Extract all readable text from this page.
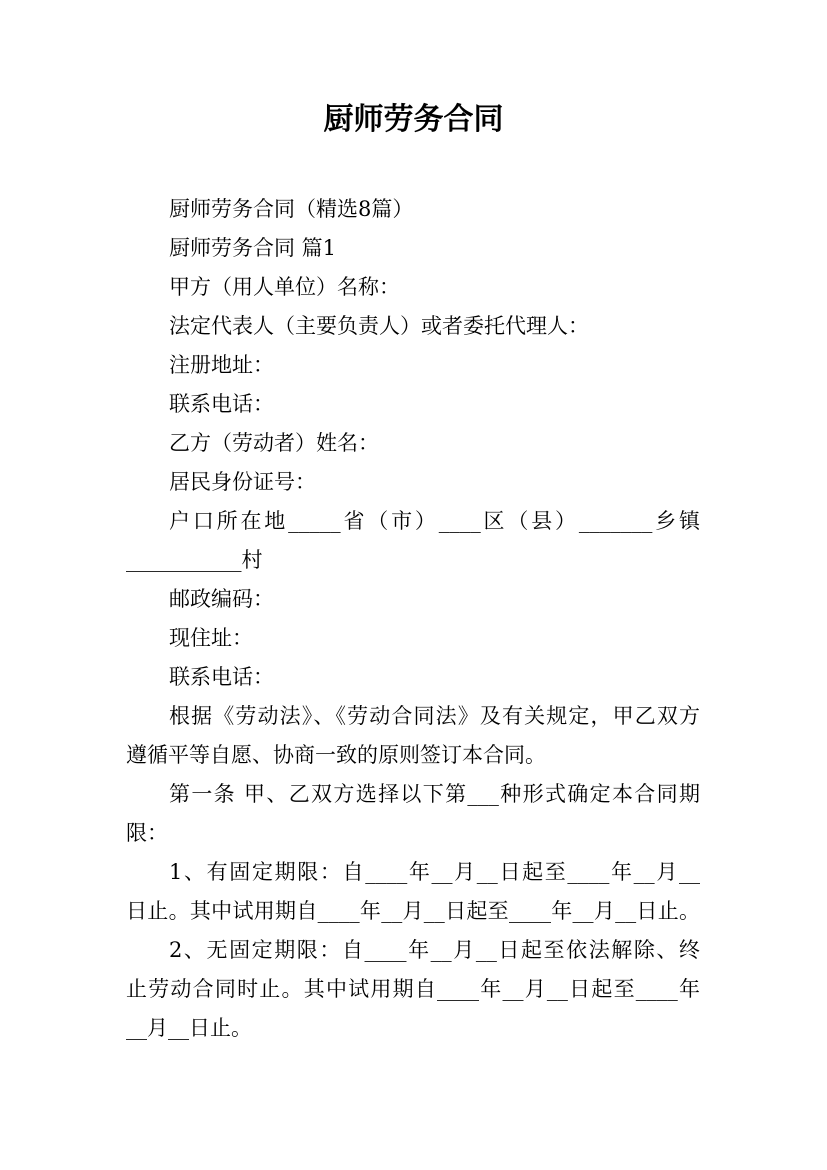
厨师劳务合同
厨师劳务合同（精选8篇）
厨师劳务合同 篇1
甲方（用人单位）名称：
法定代表人（主要负责人）或者委托代理人：
注册地址：
联系电话：
乙方（劳动者）姓名：
居民身份证号：
户口所在地_____省（市）____区（县）_______乡镇
___________村
邮政编码：
现住址：
联系电话：
根据《劳动法》、《劳动合同法》及有关规定，甲乙双方
遵循平等自愿、协商一致的原则签订本合同。
第一条 甲、乙双方选择以下第___种形式确定本合同期
限：
1、有固定期限：自____年__月__日起至____年__月__
日止。其中试用期自____年__月__日起至____年__月__日止。
2、无固定期限：自____年__月__日起至依法解除、终
止劳动合同时止。其中试用期自____年__月__日起至____年
__月__日止。
